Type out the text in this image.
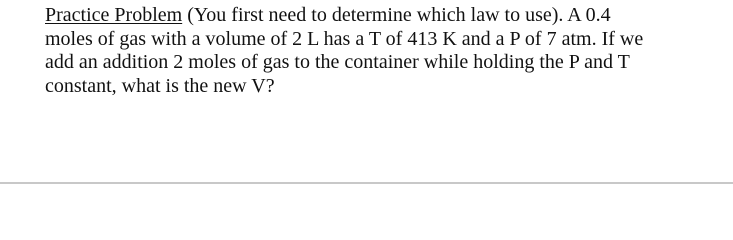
Practice Problem (You first need to determine which law to use). A 0.4
moles of gas with a volume of 2 L has a T of 413 K and a P of 7 atm. If we
add an addition 2 moles of gas to the container while holding the P and T
constant, what is the new V?
